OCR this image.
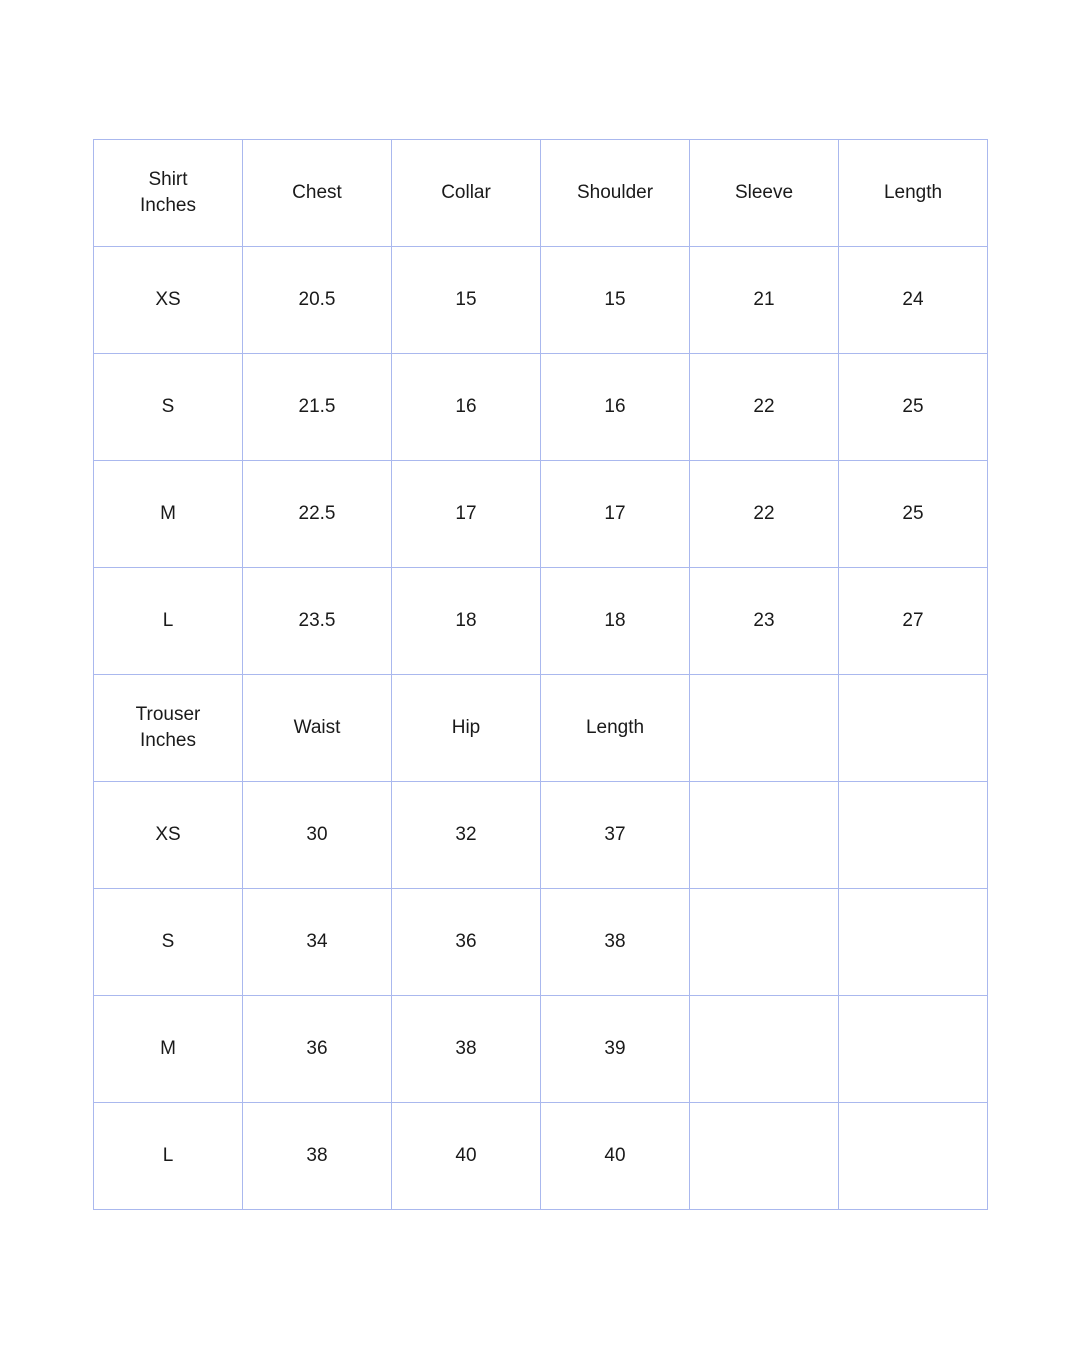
Shirt
Inches	Chest	Collar	Shoulder	Sleeve	Length
XS	20.5	15	15	21	24
S	21.5	16	16	22	25
M	22.5	17	17	22	25
L	23.5	18	18	23	27

Trouser
Inches	Waist	Hip	Length		
XS	30	32	37		
S	34	36	38		
M	36	38	39		
L	38	40	40		
